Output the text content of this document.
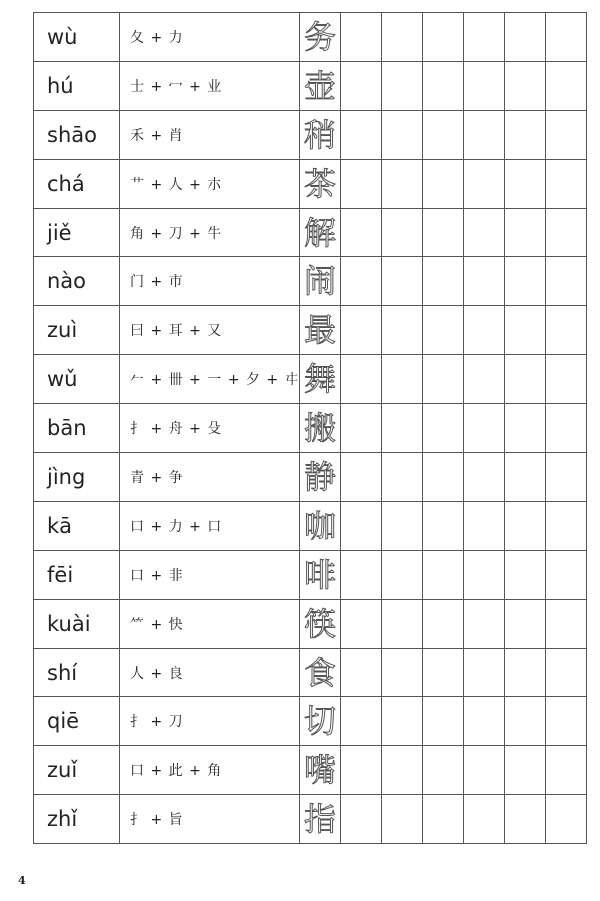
wù	夂 + 力	务						
hú	士 + 冖 + 业	壶						
shāo	禾 + 肖	稍						
chá	艹 + 人 + 朩	茶						
jiě	角 + 刀 + 牛	解						
nào	门 + 市	闹						
zuì	曰 + 耳 + 又	最						
wǔ	𠂉 + 卌 + 一 + 夕 + 㐄	舞						
bān	扌 + 舟 + 殳	搬						
jìng	青 + 争	静						
kā	口 + 力 + 口	咖						
fēi	口 + 非	啡						
kuài	⺮ + 快	筷						
shí	人 + 良	食						
qiē	扌 + 刀	切						
zuǐ	口 + 此 + 角	嘴						
zhǐ	扌 + 旨	指						
4
